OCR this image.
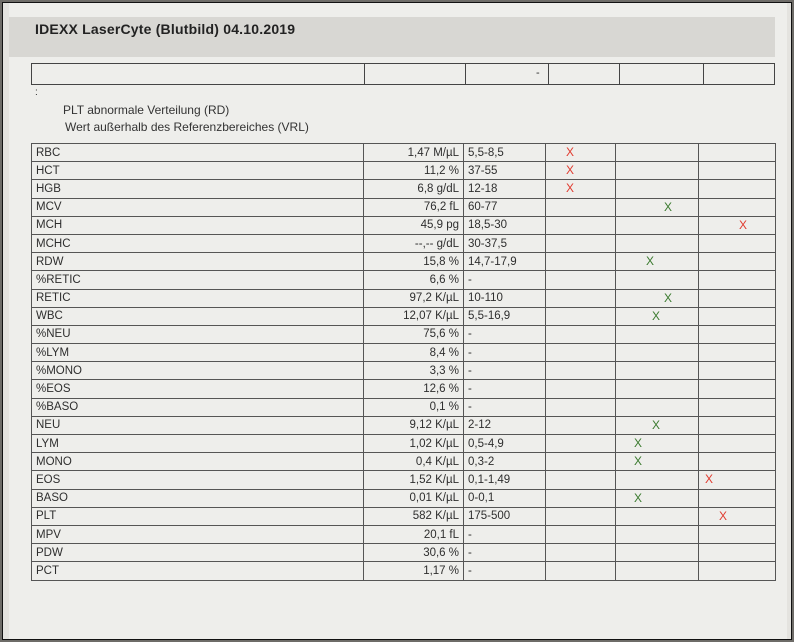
IDEXX LaserCyte (Blutbild) 04.10.2019
-
:
PLT abnormale Verteilung (RD)
Wert außerhalb des Referenzbereiches (VRL)
RBC	1,47 M/µL	5,5-8,5	X		

HCT	11,2 %	37-55	X		

HGB	6,8 g/dL	12-18	X		

MCV	76,2 fL	60-77		X	

MCH	45,9 pg	18,5-30			X

MCHC	--,-- g/dL	30-37,5			
RDW	15,8 %	14,7-17,9		X	

%RETIC	6,6 %	-			
RETIC	97,2 K/µL	10-110		X	

WBC	12,07 K/µL	5,5-16,9		X	

%NEU	75,6 %	-			
%LYM	8,4 %	-			
%MONO	3,3 %	-			
%EOS	12,6 %	-			
%BASO	0,1 %	-			
NEU	9,12 K/µL	2-12		X	

LYM	1,02 K/µL	0,5-4,9		X	

MONO	0,4 K/µL	0,3-2		X	

EOS	1,52 K/µL	0,1-1,49			X

BASO	0,01 K/µL	0-0,1		X	

PLT	582 K/µL	175-500			X

MPV	20,1 fL	-			
PDW	30,6 %	-			
PCT	1,17 %	-			
